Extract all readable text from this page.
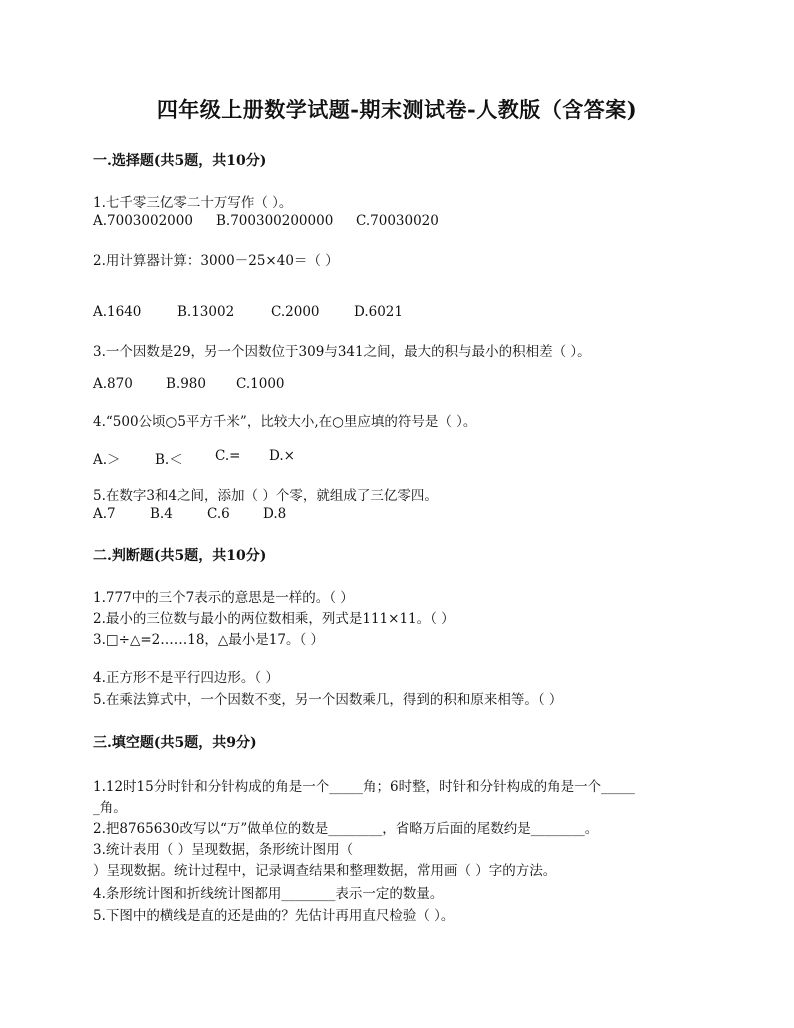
四年级上册数学试题-期末测试卷-人教版（含答案)
一.选择题(共5题，共10分)
1.七千零三亿零二十万写作（ ）。
A.7003002000 B.700300200000 C.70030020
2.用计算器计算：3000－25×40＝（ ）
A.1640	B.13002	C.2000	D.6021
3.一个因数是29，另一个因数位于309与341之间，最大的积与最小的积相差（ ）。
A.870 B.980 C.1000
4.“500公顷○5平方千米”，比较大小,在○里应填的符号是（ ）。
A.＞	B.＜ C.= D.×
5.在数字3和4之间，添加（ ）个零，就组成了三亿零四。
A.7	B.4	C.6 D.8
二.判断题(共5题，共10分)
1.777中的三个7表示的意思是一样的。（ ）
2.最小的三位数与最小的两位数相乘，列式是111×11。（ ）
3.□÷△=2……18，△最小是17。（ ）
4.正方形不是平行四边形。（ ）
5.在乘法算式中，一个因数不变，另一个因数乘几，得到的积和原来相等。（ ）
三.填空题(共5题，共9分)
1.12时15分时针和分针构成的角是一个_____角；6时整，时针和分针构成的角是一个_____
_角。
2.把8765630改写以“万”做单位的数是________，省略万后面的尾数约是________。
3.统计表用（ ）呈现数据，条形统计图用（
）呈现数据。统计过程中，记录调查结果和整理数据，常用画（ ）字的方法。
4.条形统计图和折线统计图都用________表示一定的数量。
5.下图中的横线是直的还是曲的？先估计再用直尺检验（ ）。
